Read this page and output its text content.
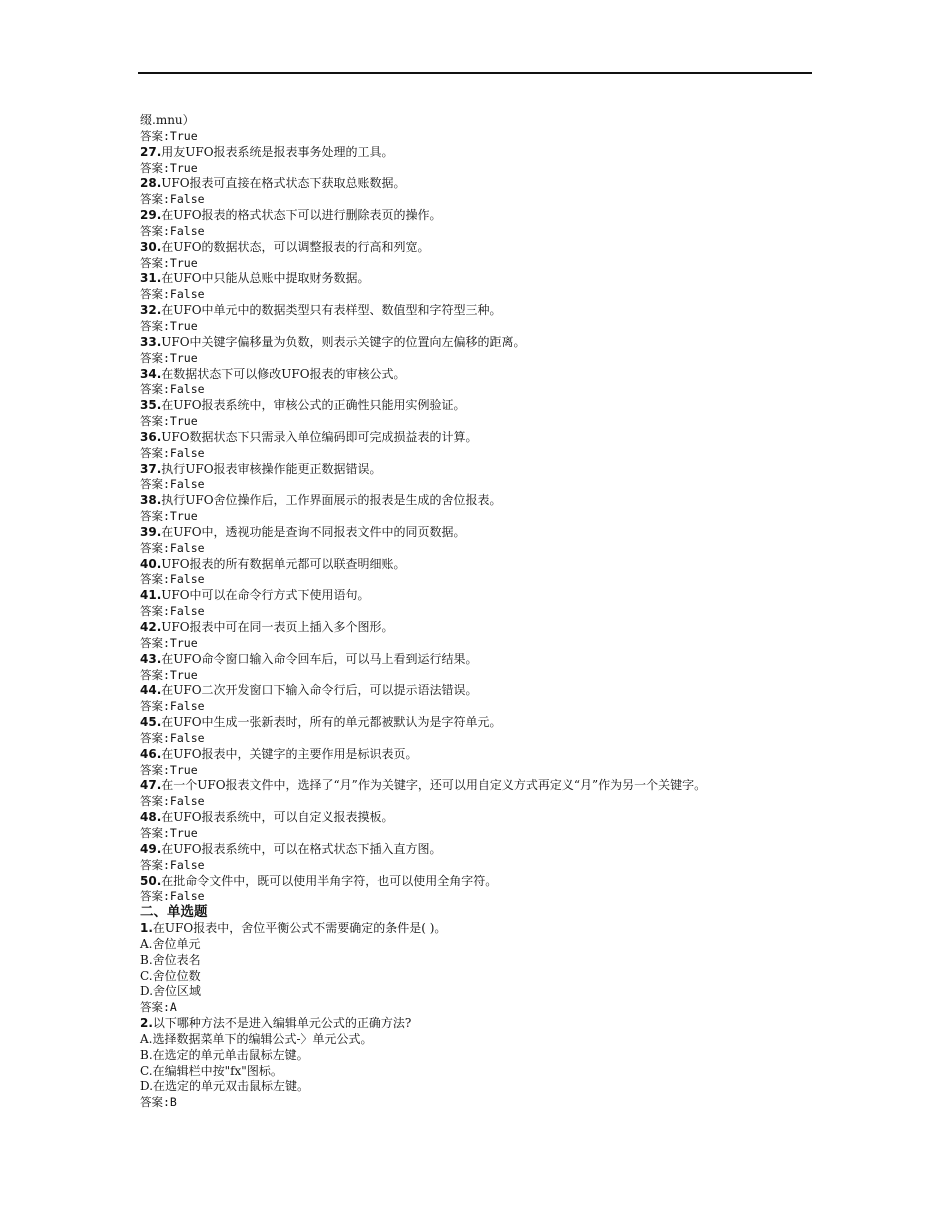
缀.mnu）
答案:True
27.用友UFO报表系统是报表事务处理的工具。
答案:True
28.UFO报表可直接在格式状态下获取总账数据。
答案:False
29.在UFO报表的格式状态下可以进行删除表页的操作。
答案:False
30.在UFO的数据状态，可以调整报表的行高和列宽。
答案:True
31.在UFO中只能从总账中提取财务数据。
答案:False
32.在UFO中单元中的数据类型只有表样型、数值型和字符型三种。
答案:True
33.UFO中关键字偏移量为负数，则表示关键字的位置向左偏移的距离。
答案:True
34.在数据状态下可以修改UFO报表的审核公式。
答案:False
35.在UFO报表系统中，审核公式的正确性只能用实例验证。
答案:True
36.UFO数据状态下只需录入单位编码即可完成损益表的计算。
答案:False
37.执行UFO报表审核操作能更正数据错误。
答案:False
38.执行UFO舍位操作后，工作界面展示的报表是生成的舍位报表。
答案:True
39.在UFO中，透视功能是查询不同报表文件中的同页数据。
答案:False
40.UFO报表的所有数据单元都可以联查明细账。
答案:False
41.UFO中可以在命令行方式下使用语句。
答案:False
42.UFO报表中可在同一表页上插入多个图形。
答案:True
43.在UFO命令窗口输入命令回车后，可以马上看到运行结果。
答案:True
44.在UFO二次开发窗口下输入命令行后，可以提示语法错误。
答案:False
45.在UFO中生成一张新表时，所有的单元都被默认为是字符单元。
答案:False
46.在UFO报表中，关键字的主要作用是标识表页。
答案:True
47.在一个UFO报表文件中，选择了“月”作为关键字，还可以用自定义方式再定义“月”作为另一个关键字。
答案:False
48.在UFO报表系统中，可以自定义报表摸板。
答案:True
49.在UFO报表系统中，可以在格式状态下插入直方图。
答案:False
50.在批命令文件中，既可以使用半角字符，也可以使用全角字符。
答案:False
二、单选题
1.在UFO报表中，舍位平衡公式不需要确定的条件是( )。
A.舍位单元
B.舍位表名
C.舍位位数
D.舍位区域
答案:A
2.以下哪种方法不是进入编辑单元公式的正确方法?
A.选择数据菜单下的编辑公式-〉单元公式。
B.在选定的单元单击鼠标左键。
C.在编辑栏中按"fx"图标。
D.在选定的单元双击鼠标左键。
答案:B
